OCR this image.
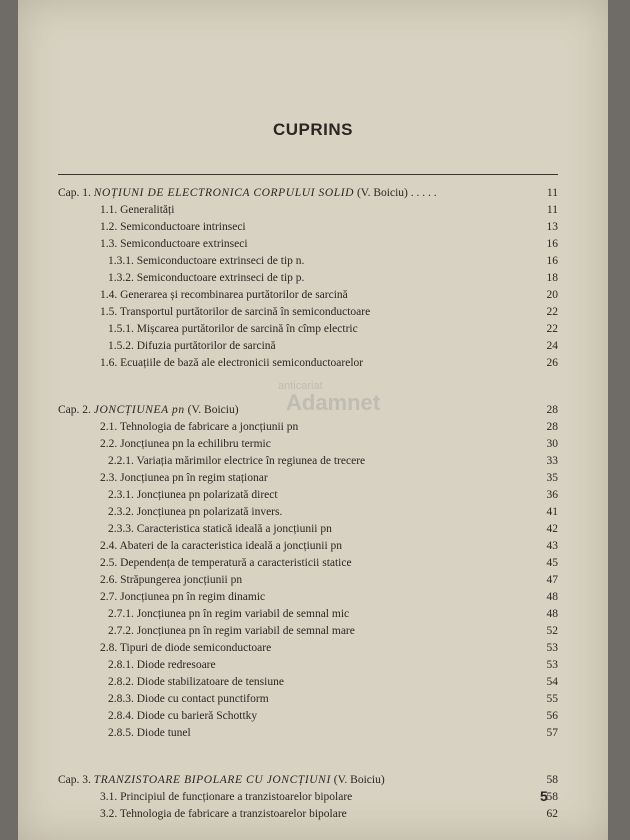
CUPRINS
Cap. 1. NOȚIUNI DE ELECTRONICA CORPULUI SOLID (V. Boiciu) . . . . .	11
1.1. Generalități	11
1.2. Semiconductoare intrinseci	13
1.3. Semiconductoare extrinseci	16
1.3.1. Semiconductoare extrinseci de tip n.	16
1.3.2. Semiconductoare extrinseci de tip p.	18
1.4. Generarea și recombinarea purtătorilor de sarcină	20
1.5. Transportul purtătorilor de sarcină în semiconductoare	22
1.5.1. Mișcarea purtătorilor de sarcină în cîmp electric	22
1.5.2. Difuzia purtătorilor de sarcină	24
1.6. Ecuațiile de bază ale electronicii semiconductoarelor	26
Cap. 2. JONCȚIUNEA pn (V. Boiciu)	28
2.1. Tehnologia de fabricare a joncțiunii pn	28
2.2. Joncțiunea pn la echilibru termic	30
2.2.1. Variația mărimilor electrice în regiunea de trecere	33
2.3. Joncțiunea pn în regim staționar	35
2.3.1. Joncțiunea pn polarizată direct	36
2.3.2. Joncțiunea pn polarizată invers.	41
2.3.3. Caracteristica statică ideală a joncțiunii pn	42
2.4. Abateri de la caracteristica ideală a joncțiunii pn	43
2.5. Dependența de temperatură a caracteristicii statice	45
2.6. Străpungerea joncțiunii pn	47
2.7. Joncțiunea pn în regim dinamic	48
2.7.1. Joncțiunea pn în regim variabil de semnal mic	48
2.7.2. Joncțiunea pn în regim variabil de semnal mare	52
2.8. Tipuri de diode semiconductoare	53
2.8.1. Diode redresoare	53
2.8.2. Diode stabilizatoare de tensiune	54
2.8.3. Diode cu contact punctiform	55
2.8.4. Diode cu barieră Schottky	56
2.8.5. Diode tunel	57
Cap. 3. TRANZISTOARE BIPOLARE CU JONCȚIUNI (V. Boiciu)	58
3.1. Principiul de funcționare a tranzistoarelor bipolare	58
3.2. Tehnologia de fabricare a tranzistoarelor bipolare	62
anticariat
Adamnet
5
